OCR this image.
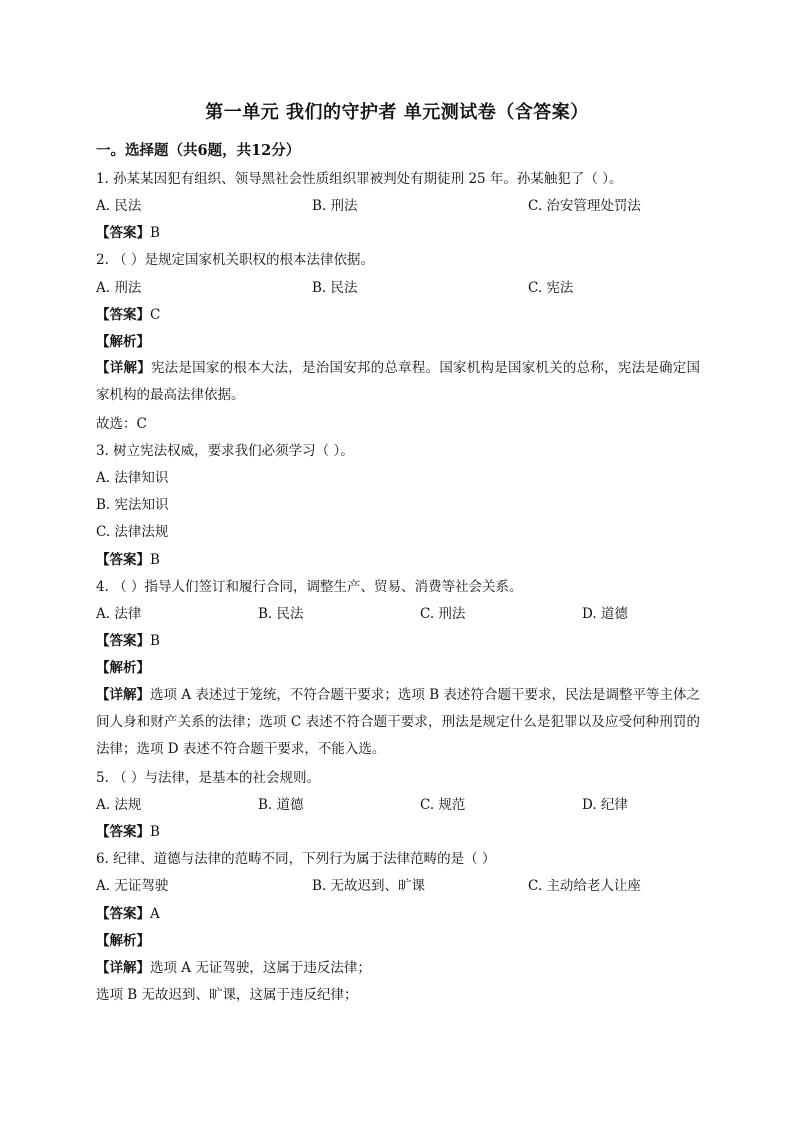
第一单元 我们的守护者 单元测试卷（含答案）
一。选择题（共6题，共12分）
1. 孙某某因犯有组织、领导黑社会性质组织罪被判处有期徒刑 25 年。孙某触犯了（ ）。
A. 民法	B. 刑法	C. 治安管理处罚法
【答案】B
2. （ ）是规定国家机关职权的根本法律依据。
A. 刑法	B. 民法	C. 宪法
【答案】C
【解析】
【详解】宪法是国家的根本大法，是治国安邦的总章程。国家机构是国家机关的总称，宪法是确定国家机构的最高法律依据。
故选：C
3. 树立宪法权威，要求我们必须学习（ ）。
A. 法律知识
B. 宪法知识
C. 法律法规
【答案】B
4. （ ）指导人们签订和履行合同，调整生产、贸易、消费等社会关系。
A. 法律	B. 民法	C. 刑法	D. 道德
【答案】B
【解析】
【详解】选项 A 表述过于笼统，不符合题干要求；选项 B 表述符合题干要求，民法是调整平等主体之间人身和财产关系的法律；选项 C 表述不符合题干要求，刑法是规定什么是犯罪以及应受何种刑罚的法律；选项 D 表述不符合题干要求，不能入选。
5. （ ）与法律，是基本的社会规则。
A. 法规	B. 道德	C. 规范	D. 纪律
【答案】B
6. 纪律、道德与法律的范畴不同，下列行为属于法律范畴的是（ ）
A. 无证驾驶	B. 无故迟到、旷课	C. 主动给老人让座
【答案】A
【解析】
【详解】选项 A 无证驾驶，这属于违反法律；
选项 B 无故迟到、旷课，这属于违反纪律；
